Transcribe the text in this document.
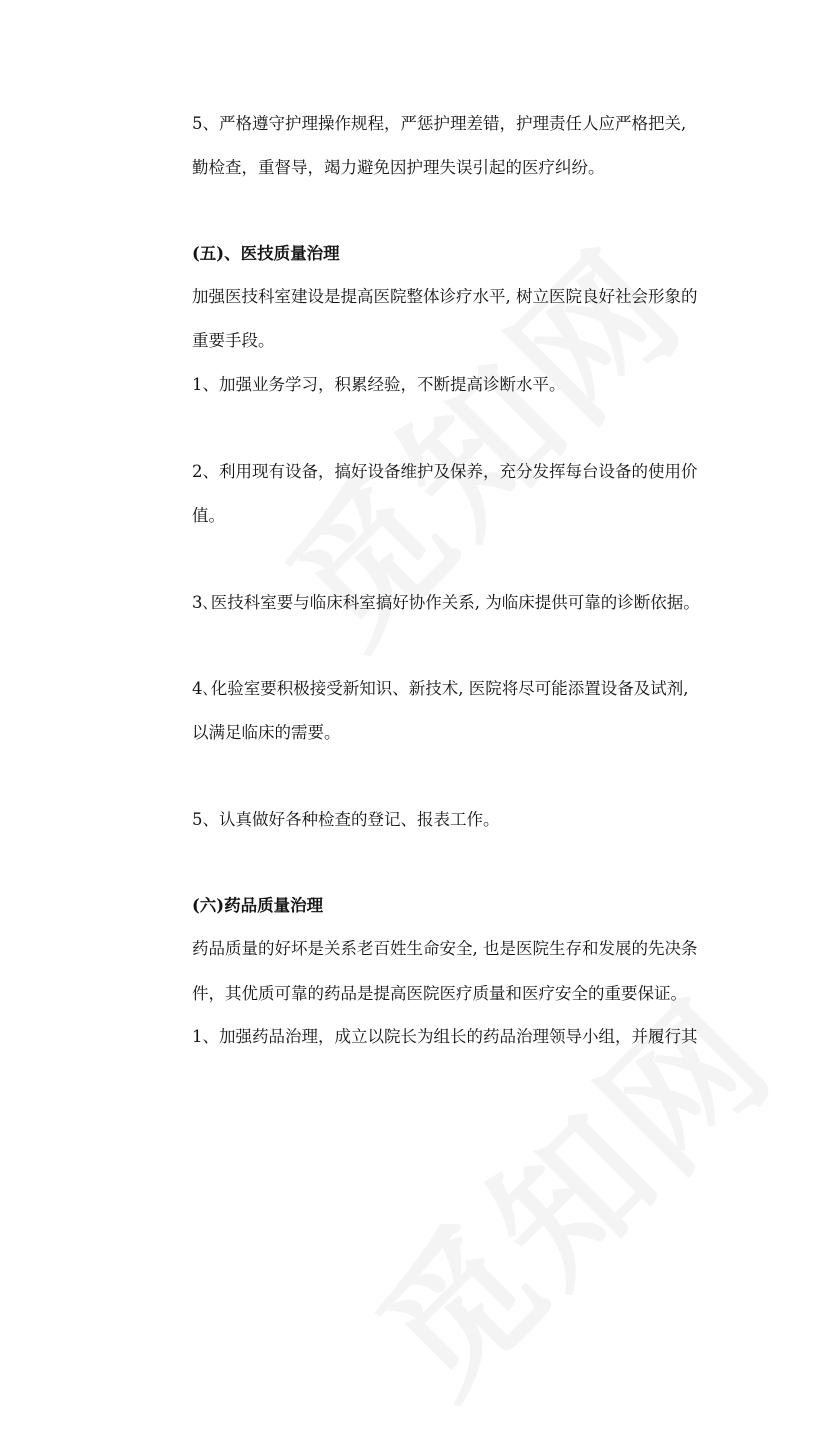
5、严格遵守护理操作规程，严惩护理差错，护理责任人应严格把关,
勤检查，重督导，竭力避免因护理失误引起的医疗纠纷。
(五)、医技质量治理
加强医技科室建设是提高医院整体诊疗水平, 树立医院良好社会形象的
重要手段。
1、加强业务学习，积累经验，不断提高诊断水平。
2、利用现有设备，搞好设备维护及保养，充分发挥每台设备的使用价
值。
3､医技科室要与临床科室搞好协作关系, 为临床提供可靠的诊断依据。
4､化验室要积极接受新知识、新技术, 医院将尽可能添置设备及试剂,
以满足临床的需要。
5、认真做好各种检查的登记、报表工作。
(六)药品质量治理
药品质量的好坏是关系老百姓生命安全, 也是医院生存和发展的先决条
件，其优质可靠的药品是提高医院医疗质量和医疗安全的重要保证。
1、加强药品治理，成立以院长为组长的药品治理领导小组，并履行其
